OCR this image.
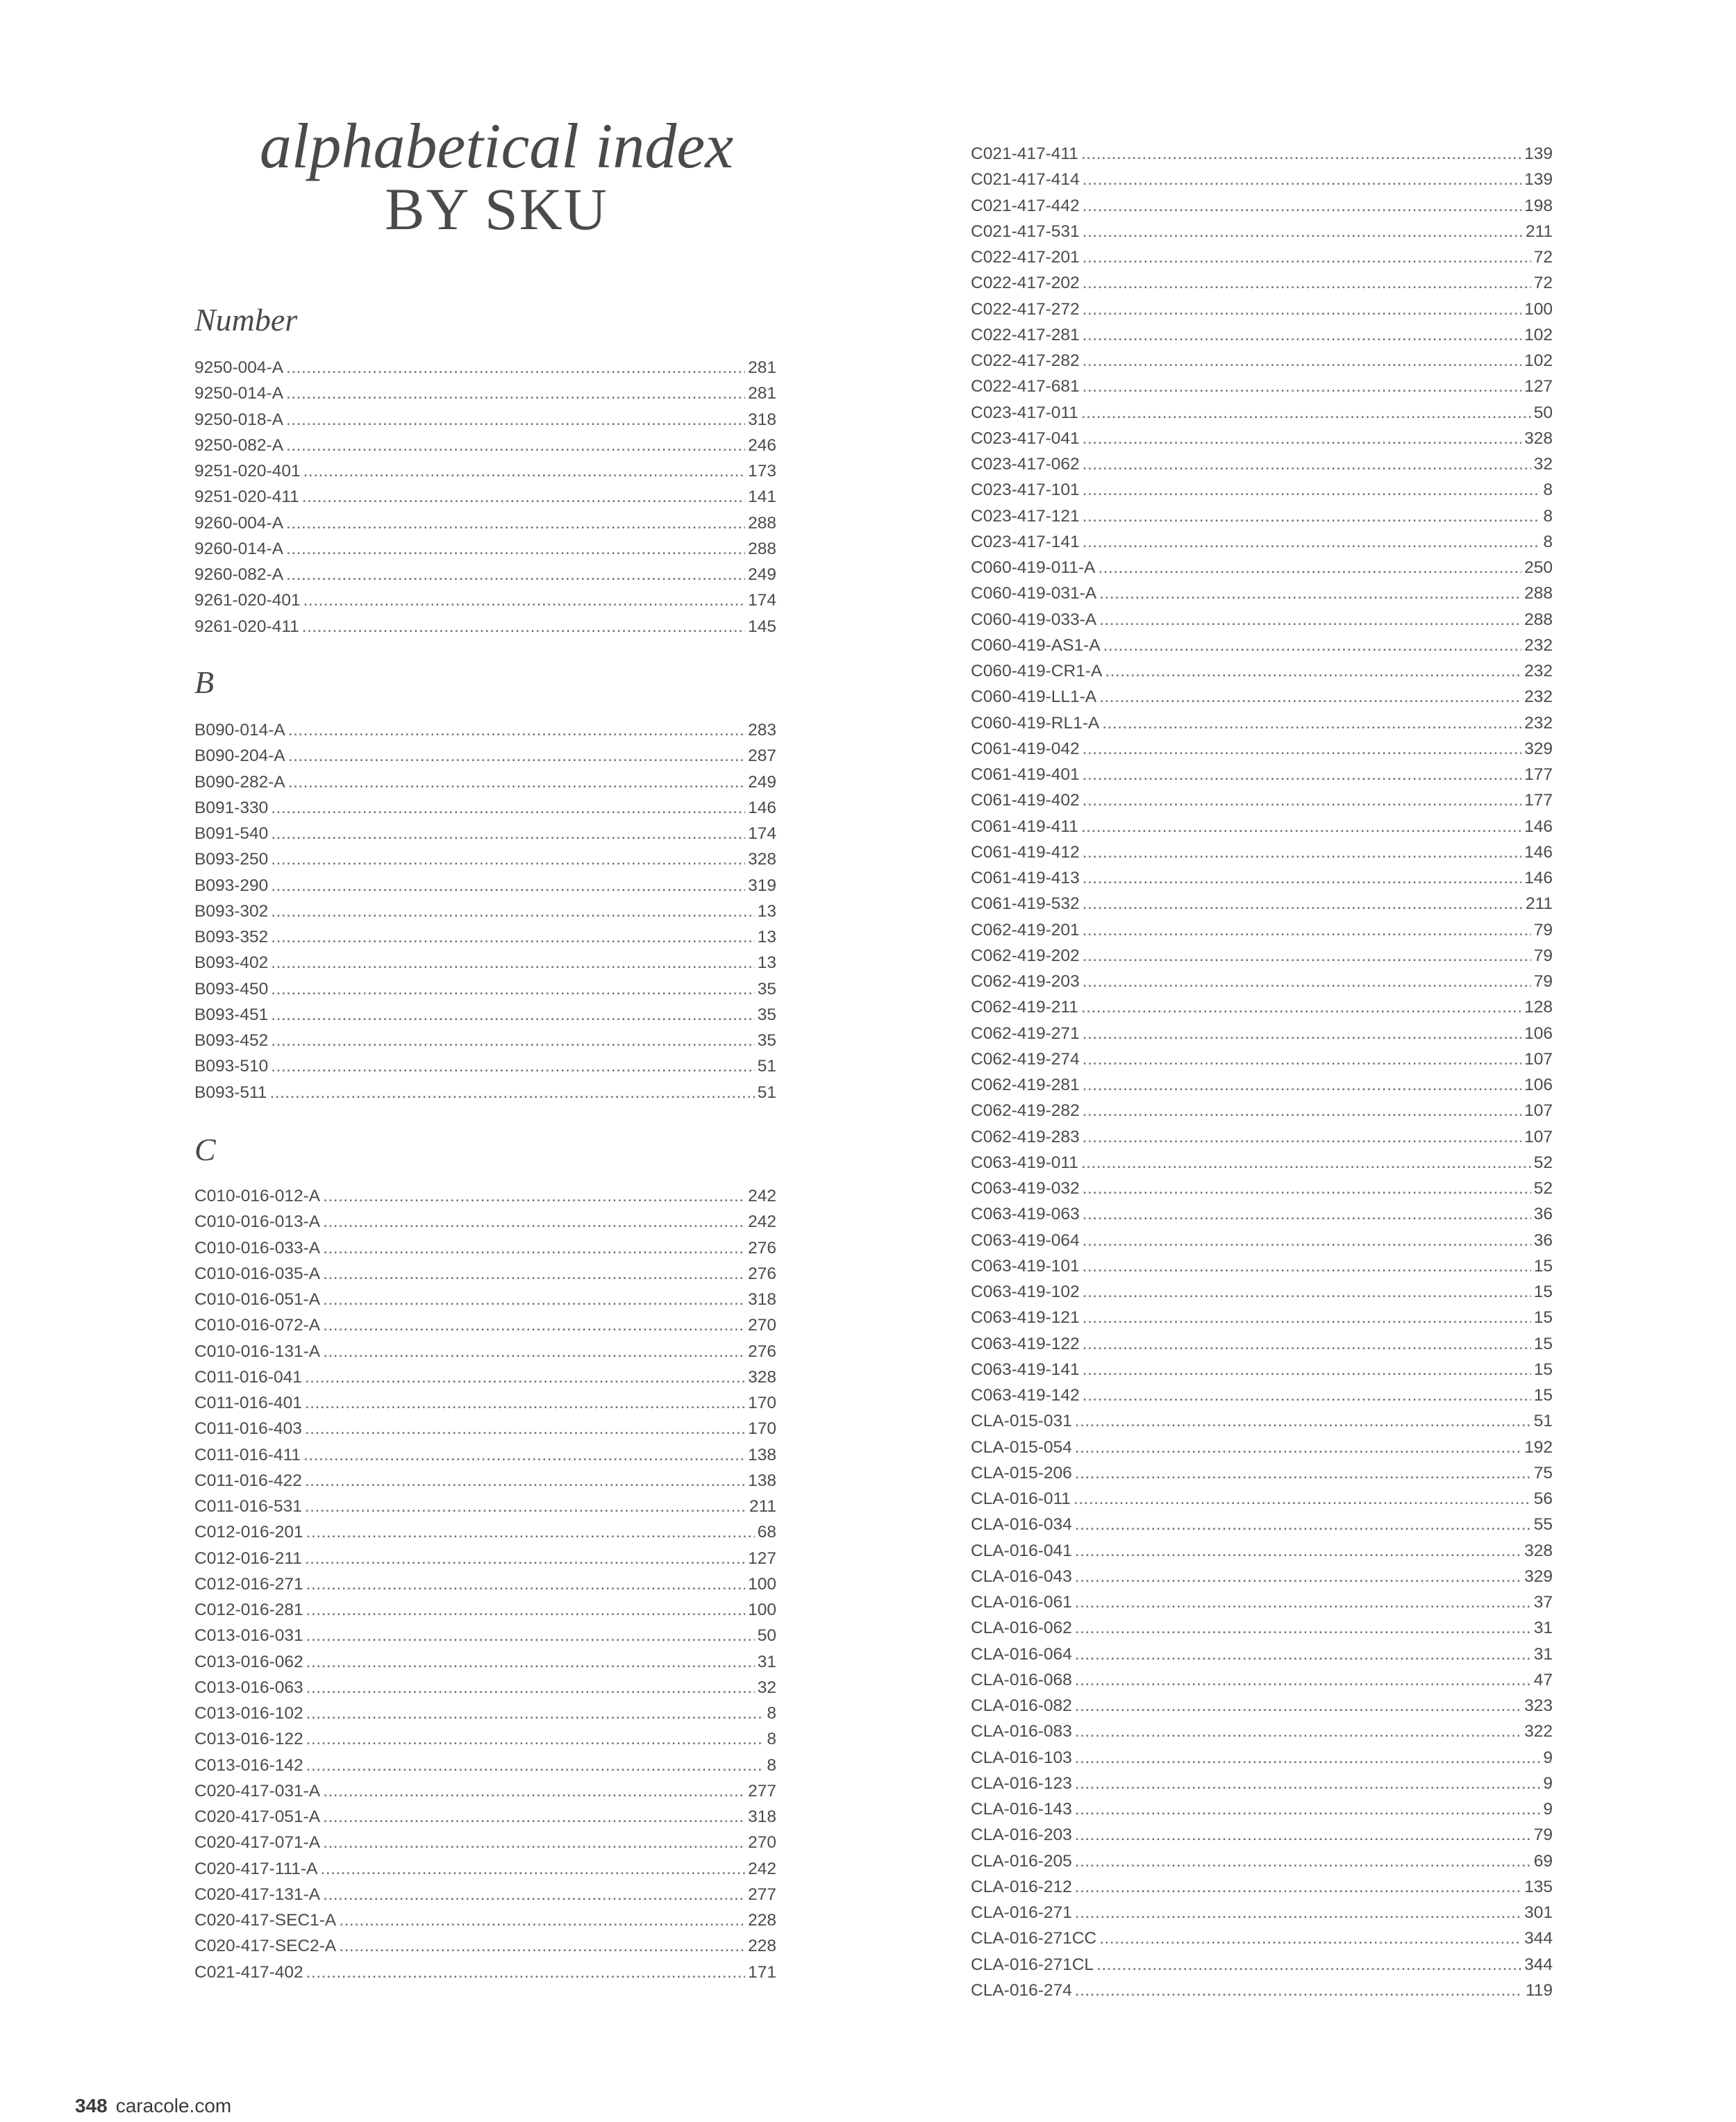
alphabetical index
BY SKU
Number
9250-004-A .....	281
9250-014-A .....	281
9250-018-A .....	318
9250-082-A .....	246
9251-020-401 .....	173
9251-020-411 .....	141
9260-004-A .....	288
9260-014-A .....	288
9260-082-A .....	249
9261-020-401 .....	174
9261-020-411 .....	145
B
B090-014-A .....	283
B090-204-A .....	287
B090-282-A .....	249
B091-330 .....	146
B091-540 .....	174
B093-250 .....	328
B093-290 .....	319
B093-302 .....	13
B093-352 .....	13
B093-402 .....	13
B093-450 .....	35
B093-451 .....	35
B093-452 .....	35
B093-510 .....	51
B093-511 .....	51
C
C010-016-012-A .....	242
C010-016-013-A .....	242
C010-016-033-A .....	276
C010-016-035-A .....	276
C010-016-051-A .....	318
C010-016-072-A .....	270
C010-016-131-A .....	276
C011-016-041 .....	328
C011-016-401 .....	170
C011-016-403 .....	170
C011-016-411 .....	138
C011-016-422 .....	138
C011-016-531 .....	211
C012-016-201 .....	68
C012-016-211 .....	127
C012-016-271 .....	100
C012-016-281 .....	100
C013-016-031 .....	50
C013-016-062 .....	31
C013-016-063 .....	32
C013-016-102 .....	8
C013-016-122 .....	8
C013-016-142 .....	8
C020-417-031-A .....	277
C020-417-051-A .....	318
C020-417-071-A .....	270
C020-417-111-A .....	242
C020-417-131-A .....	277
C020-417-SEC1-A .....	228
C020-417-SEC2-A .....	228
C021-417-402 .....	171
C021-417-411 .....	139
C021-417-414 .....	139
C021-417-442 .....	198
C021-417-531 .....	211
C022-417-201 .....	72
C022-417-202 .....	72
C022-417-272 .....	100
C022-417-281 .....	102
C022-417-282 .....	102
C022-417-681 .....	127
C023-417-011 .....	50
C023-417-041 .....	328
C023-417-062 .....	32
C023-417-101 .....	8
C023-417-121 .....	8
C023-417-141 .....	8
C060-419-011-A .....	250
C060-419-031-A .....	288
C060-419-033-A .....	288
C060-419-AS1-A .....	232
C060-419-CR1-A .....	232
C060-419-LL1-A .....	232
C060-419-RL1-A .....	232
C061-419-042 .....	329
C061-419-401 .....	177
C061-419-402 .....	177
C061-419-411 .....	146
C061-419-412 .....	146
C061-419-413 .....	146
C061-419-532 .....	211
C062-419-201 .....	79
C062-419-202 .....	79
C062-419-203 .....	79
C062-419-211 .....	128
C062-419-271 .....	106
C062-419-274 .....	107
C062-419-281 .....	106
C062-419-282 .....	107
C062-419-283 .....	107
C063-419-011 .....	52
C063-419-032 .....	52
C063-419-063 .....	36
C063-419-064 .....	36
C063-419-101 .....	15
C063-419-102 .....	15
C063-419-121 .....	15
C063-419-122 .....	15
C063-419-141 .....	15
C063-419-142 .....	15
CLA-015-031 .....	51
CLA-015-054 .....	192
CLA-015-206 .....	75
CLA-016-011 .....	56
CLA-016-034 .....	55
CLA-016-041 .....	328
CLA-016-043 .....	329
CLA-016-061 .....	37
CLA-016-062 .....	31
CLA-016-064 .....	31
CLA-016-068 .....	47
CLA-016-082 .....	323
CLA-016-083 .....	322
CLA-016-103 .....	9
CLA-016-123 .....	9
CLA-016-143 .....	9
CLA-016-203 .....	79
CLA-016-205 .....	69
CLA-016-212 .....	135
CLA-016-271 .....	301
CLA-016-271CC .....	344
CLA-016-271CL .....	344
CLA-016-274 .....	119
348 caracole.com
